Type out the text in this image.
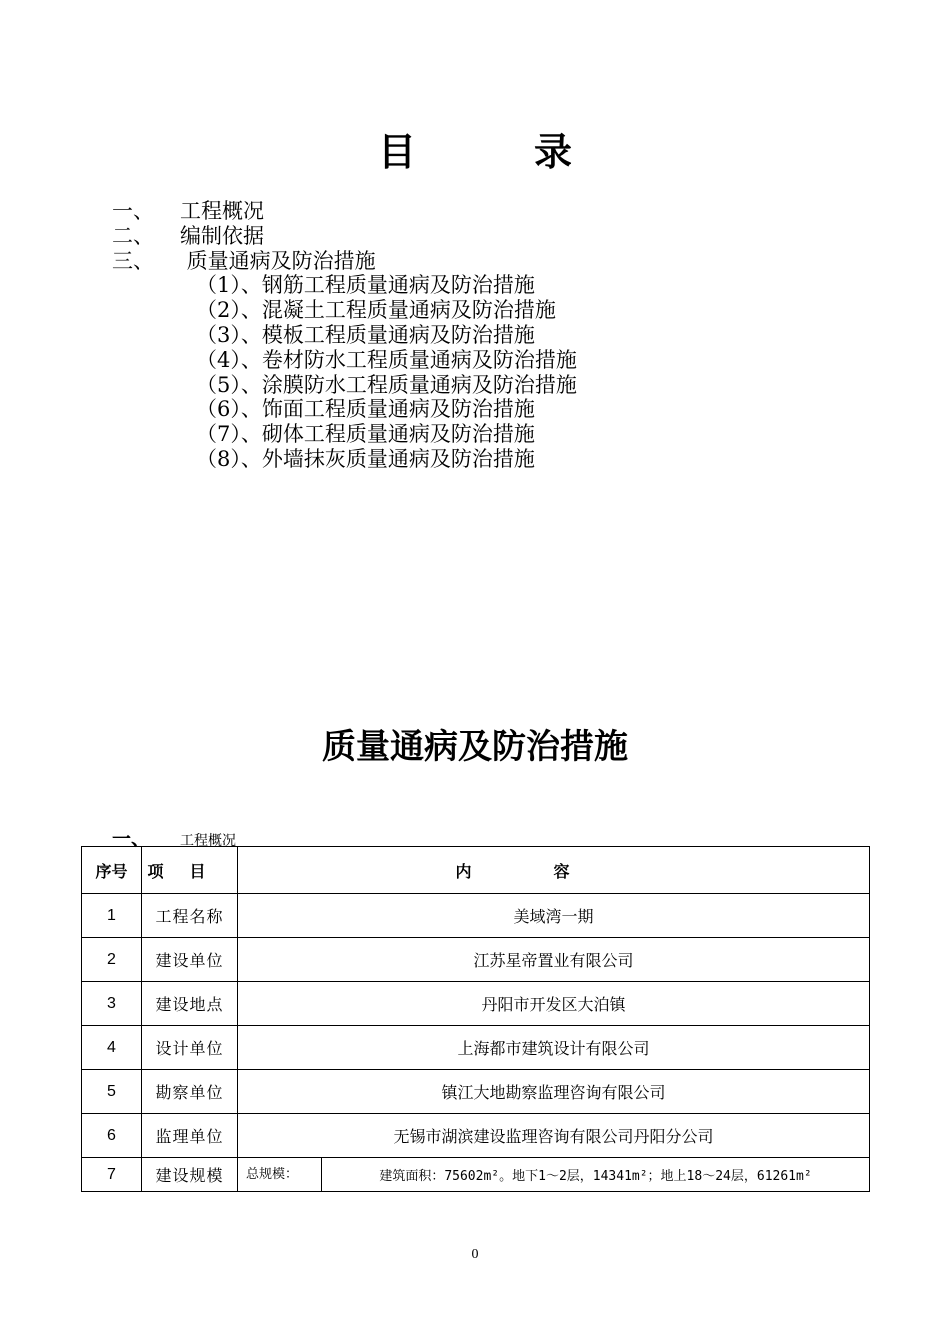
目录
一、 工程概况
二、 编制依据
三、 质量通病及防治措施
（1）、钢筋工程质量通病及防治措施
（2）、混凝土工程质量通病及防治措施
（3）、模板工程质量通病及防治措施
（4）、卷材防水工程质量通病及防治措施
（5）、涂膜防水工程质量通病及防治措施
（6）、饰面工程质量通病及防治措施
（7）、砌体工程质量通病及防治措施
（8）、外墙抹灰质量通病及防治措施
质量通病及防治措施
一、 工程概况
序号	项目	内容
1	工程名称	美域湾一期
2	建设单位	江苏星帝置业有限公司
3	建设地点	丹阳市开发区大泊镇
4	设计单位	上海都市建筑设计有限公司
5	勘察单位	镇江大地勘察监理咨询有限公司
6	监理单位	无锡市湖滨建设监理咨询有限公司丹阳分公司
7	建设规模	总规模： 建筑面积：75602m²。地下1～2层，14341m²；地上18～24层，61261m²
0
